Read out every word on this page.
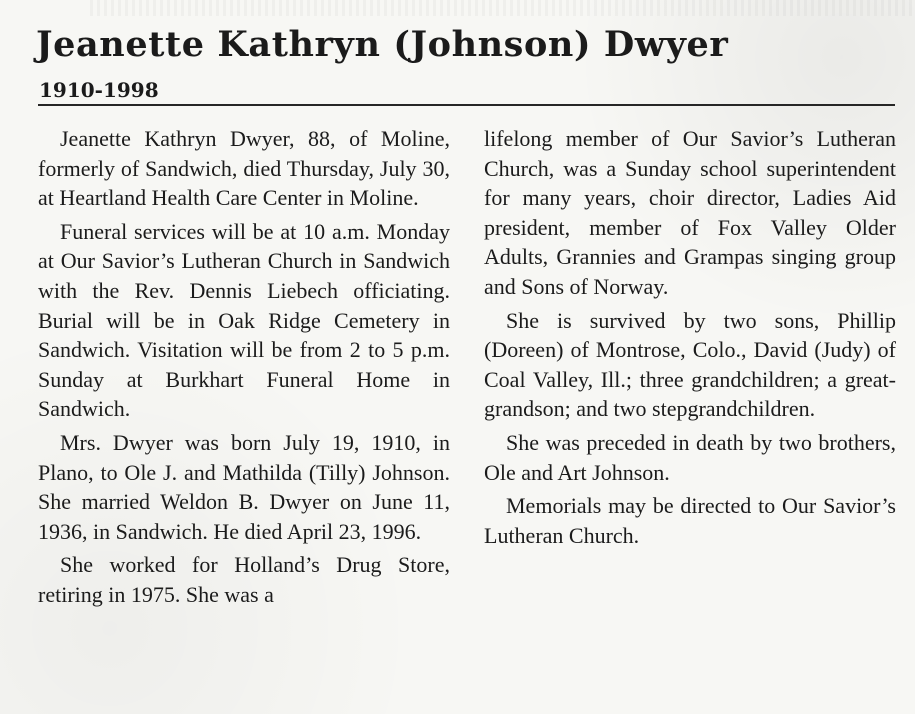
Jeanette Kathryn (Johnson) Dwyer
1910-1998

Jeanette Kathryn Dwyer, 88, of Moline, formerly of Sandwich, died Thursday, July 30, at Heartland Health Care Center in Moline.

Funeral services will be at 10 a.m. Monday at Our Savior’s Lutheran Church in Sandwich with the Rev. Dennis Liebech officiating. Burial will be in Oak Ridge Cemetery in Sandwich. Visitation will be from 2 to 5 p.m. Sunday at Burkhart Funeral Home in Sandwich.

Mrs. Dwyer was born July 19, 1910, in Plano, to Ole J. and Mathilda (Tilly) Johnson. She married Weldon B. Dwyer on June 11, 1936, in Sandwich. He died April 23, 1996.

She worked for Holland’s Drug Store, retiring in 1975. She was a

lifelong member of Our Savior’s Lutheran Church, was a Sunday school superintendent for many years, choir director, Ladies Aid president, member of Fox Valley Older Adults, Grannies and Grampas singing group and Sons of Norway.

She is survived by two sons, Phillip (Doreen) of Montrose, Colo., David (Judy) of Coal Valley, Ill.; three grandchildren; a great-grandson; and two stepgrandchildren.

She was preceded in death by two brothers, Ole and Art Johnson.

Memorials may be directed to Our Savior’s Lutheran Church.
